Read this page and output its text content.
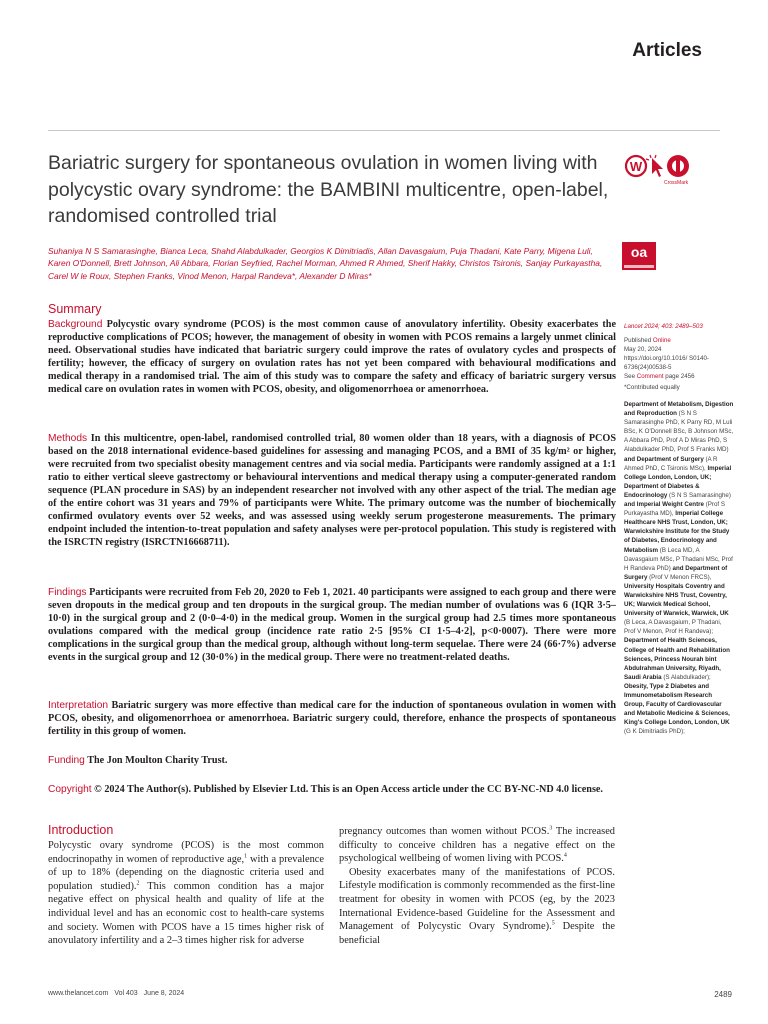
Articles
Bariatric surgery for spontaneous ovulation in women living with polycystic ovary syndrome: the BAMBINI multicentre, open-label, randomised controlled trial
W
CrossMark
oa
Suhaniya N S Samarasinghe, Bianca Leca, Shahd Alabdulkader, Georgios K Dimitriadis, Allan Davasgaium, Puja Thadani, Kate Parry, Migena Luli, Karen O'Donnell, Brett Johnson, Ali Abbara, Florian Seyfried, Rachel Morman, Ahmed R Ahmed, Sherif Hakky, Christos Tsironis, Sanjay Purkayastha, Carel W le Roux, Stephen Franks, Vinod Menon, Harpal Randeva*, Alexander D Miras*
Summary

Background Polycystic ovary syndrome (PCOS) is the most common cause of anovulatory infertility. Obesity exacerbates the reproductive complications of PCOS; however, the management of obesity in women with PCOS remains a largely unmet clinical need. Observational studies have indicated that bariatric surgery could improve the rates of ovulatory cycles and prospects of fertility; however, the efficacy of surgery on ovulation rates has not yet been compared with behavioural modifications and medical therapy in a randomised trial. The aim of this study was to compare the safety and efficacy of bariatric surgery versus medical care on ovulation rates in women with PCOS, obesity, and oligomenorrhoea or amenorrhoea.

Methods In this multicentre, open-label, randomised controlled trial, 80 women older than 18 years, with a diagnosis of PCOS based on the 2018 international evidence-based guidelines for assessing and managing PCOS, and a BMI of 35 kg/m² or higher, were recruited from two specialist obesity management centres and via social media. Participants were randomly assigned at a 1:1 ratio to either vertical sleeve gastrectomy or behavioural interventions and medical therapy using a computer-generated random sequence (PLAN procedure in SAS) by an independent researcher not involved with any other aspect of the trial. The median age of the entire cohort was 31 years and 79% of participants were White. The primary outcome was the number of biochemically confirmed ovulatory events over 52 weeks, and was assessed using weekly serum progesterone measurements. The primary endpoint included the intention-to-treat population and safety analyses were per-protocol population. This study is registered with the ISRCTN registry (ISRCTN16668711).

Findings Participants were recruited from Feb 20, 2020 to Feb 1, 2021. 40 participants were assigned to each group and there were seven dropouts in the medical group and ten dropouts in the surgical group. The median number of ovulations was 6 (IQR 3·5–10·0) in the surgical group and 2 (0·0–4·0) in the medical group. Women in the surgical group had 2.5 times more spontaneous ovulations compared with the medical group (incidence rate ratio 2·5 [95% CI 1·5–4·2], p<0·0007). There were more complications in the surgical group than the medical group, although without long-term sequelae. There were 24 (66·7%) adverse events in the surgical group and 12 (30·0%) in the medical group. There were no treatment-related deaths.

Interpretation Bariatric surgery was more effective than medical care for the induction of spontaneous ovulation in women with PCOS, obesity, and oligomenorrhoea or amenorrhoea. Bariatric surgery could, therefore, enhance the prospects of spontaneous fertility in this group of women.

Funding The Jon Moulton Charity Trust.

Copyright © 2024 The Author(s). Published by Elsevier Ltd. This is an Open Access article under the CC BY-NC-ND 4.0 license.

Introduction
Polycystic ovary syndrome (PCOS) is the most common endocrinopathy in women of reproductive age,$^1$ with a prevalence of up to 18% (depending on the diagnostic criteria used and population studied).$^2$ This common condition has a major negative effect on physical health and quality of life at the individual level and has an economic cost to health-care systems and society. Women with PCOS have a 15 times higher risk of anovulatory infertility and a 2–3 times higher risk for adverse
pregnancy outcomes than women without PCOS.$^3$ The increased difficulty to conceive children has a negative effect on the psychological wellbeing of women living with PCOS.$^4$
Obesity exacerbates many of the manifestations of PCOS. Lifestyle modification is commonly recommended as the first-line treatment for obesity in women with PCOS (eg, by the 2023 International Evidence-based Guideline for the Assessment and Management of Polycystic Ovary Syndrome).$^5$ Despite the beneficial
Lancet 2024; 403: 2489–503
Published Online
May 20, 2024
https://doi.org/10.1016/ S0140-6736(24)00538-5
See Comment page 2456
*Contributed equally
Department of Metabolism, Digestion and Reproduction (S N S Samarasinghe PhD, K Parry RD, M Luli BSc, K O'Donnell BSc, B Johnson MSc, A Abbara PhD, Prof A D Miras PhD, S Alabdulkader PhD, Prof S Franks MD) and Department of Surgery (A R Ahmed PhD, C Tsironis MSc), Imperial College London, London, UK; Department of Diabetes & Endocrinology (S N S Samarasinghe) and Imperial Weight Centre (Prof S Purkayastha MD), Imperial College Healthcare NHS Trust, London, UK; Warwickshire Institute for the Study of Diabetes, Endocrinology and Metabolism (B Leca MD, A Davasgaium MSc, P Thadani MSc, Prof H Randeva PhD) and Department of Surgery (Prof V Menon FRCS), University Hospitals Coventry and Warwickshire NHS Trust, Coventry, UK; Warwick Medical School, University of Warwick, Warwick, UK (B Leca, A Davasgaium, P Thadani, Prof V Menon, Prof H Randeva); Department of Health Sciences, College of Health and Rehabilitation Sciences, Princess Nourah bint Abdulrahman University, Riyadh, Saudi Arabia (S Alabdulkader); Obesity, Type 2 Diabetes and Immunometabolism Research Group, Faculty of Cardiovascular and Metabolic Medicine & Sciences, King's College London, London, UK (G K Dimitriadis PhD);
www.thelancet.com Vol 403 June 8, 2024	2489
